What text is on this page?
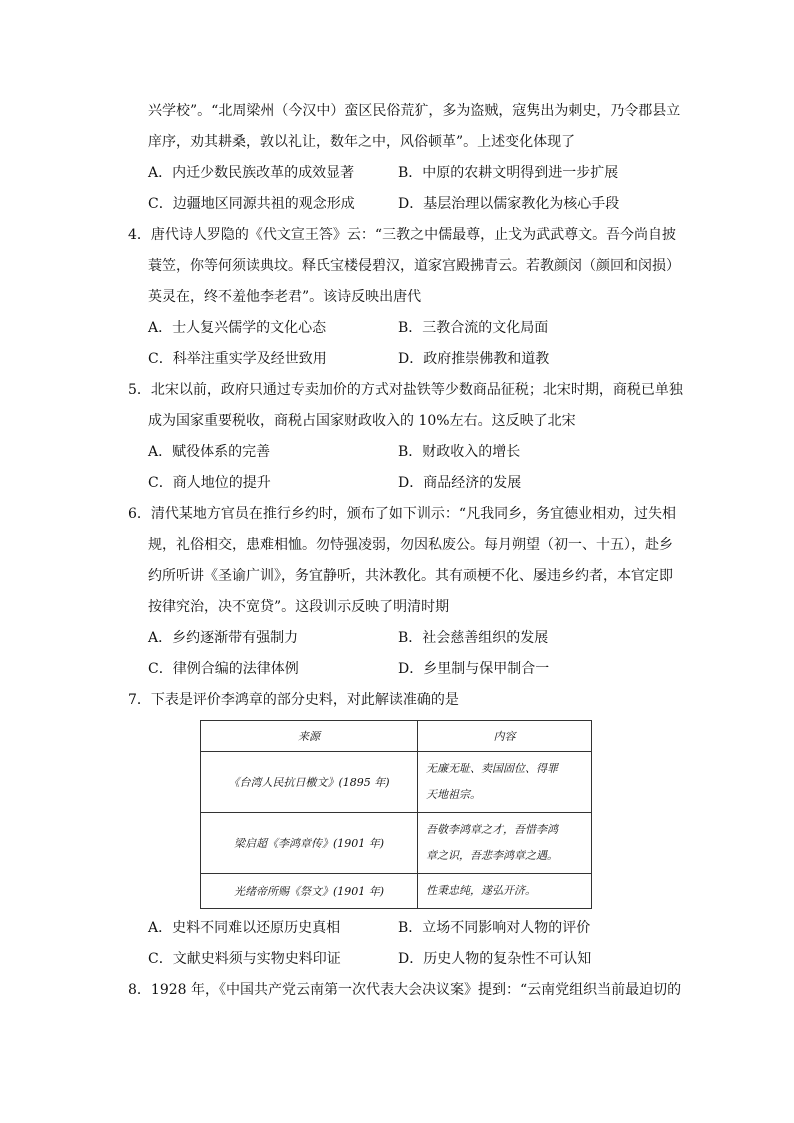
兴学校”。“北周梁州（今汉中）蛮区民俗荒犷，多为盗贼，寇隽出为刺史，乃令郡县立
庠序，劝其耕桑，敦以礼让，数年之中，风俗顿革”。上述变化体现了
A．内迁少数民族改革的成效显著	B．中原的农耕文明得到进一步扩展
C．边疆地区同源共祖的观念形成	D．基层治理以儒家教化为核心手段
4．唐代诗人罗隐的《代文宣王答》云：“三教之中儒最尊，止戈为武武尊文。吾今尚自披
蓑笠，你等何须读典坟。释氏宝楼侵碧汉，道家宫殿拂青云。若教颜闵（颜回和闵损）
英灵在，终不羞他李老君”。该诗反映出唐代
A．士人复兴儒学的文化心态	B．三教合流的文化局面
C．科举注重实学及经世致用	D．政府推崇佛教和道教
5．北宋以前，政府只通过专卖加价的方式对盐铁等少数商品征税；北宋时期，商税已单独
成为国家重要税收，商税占国家财政收入的 10%左右。这反映了北宋
A．赋役体系的完善	B．财政收入的增长
C．商人地位的提升	D．商品经济的发展
6．清代某地方官员在推行乡约时，颁布了如下训示：“凡我同乡，务宜德业相劝，过失相
规，礼俗相交，患难相恤。勿恃强凌弱，勿因私废公。每月朔望（初一、十五），赴乡
约所听讲《圣谕广训》，务宜静听，共沐教化。其有顽梗不化、屡违乡约者，本官定即
按律究治，决不宽贷”。这段训示反映了明清时期
A．乡约逐渐带有强制力	B．社会慈善组织的发展
C．律例合编的法律体例	D．乡里制与保甲制合一
7．下表是评价李鸿章的部分史料，对此解读准确的是
来源	内容
《台湾人民抗日檄文》(1895 年)	无廉无耻、卖国固位、得罪
天地祖宗。

梁启超《李鸿章传》(1901 年)	吾敬李鸿章之才，吾惜李鸿
章之识，吾悲李鸿章之遇。

光绪帝所赐《祭文》(1901 年)	性秉忠纯，遂弘开济。
A．史料不同难以还原历史真相	B．立场不同影响对人物的评价
C．文献史料须与实物史料印证	D．历史人物的复杂性不可认知
8．1928 年，《中国共产党云南第一次代表大会决议案》提到：“云南党组织当前最迫切的
